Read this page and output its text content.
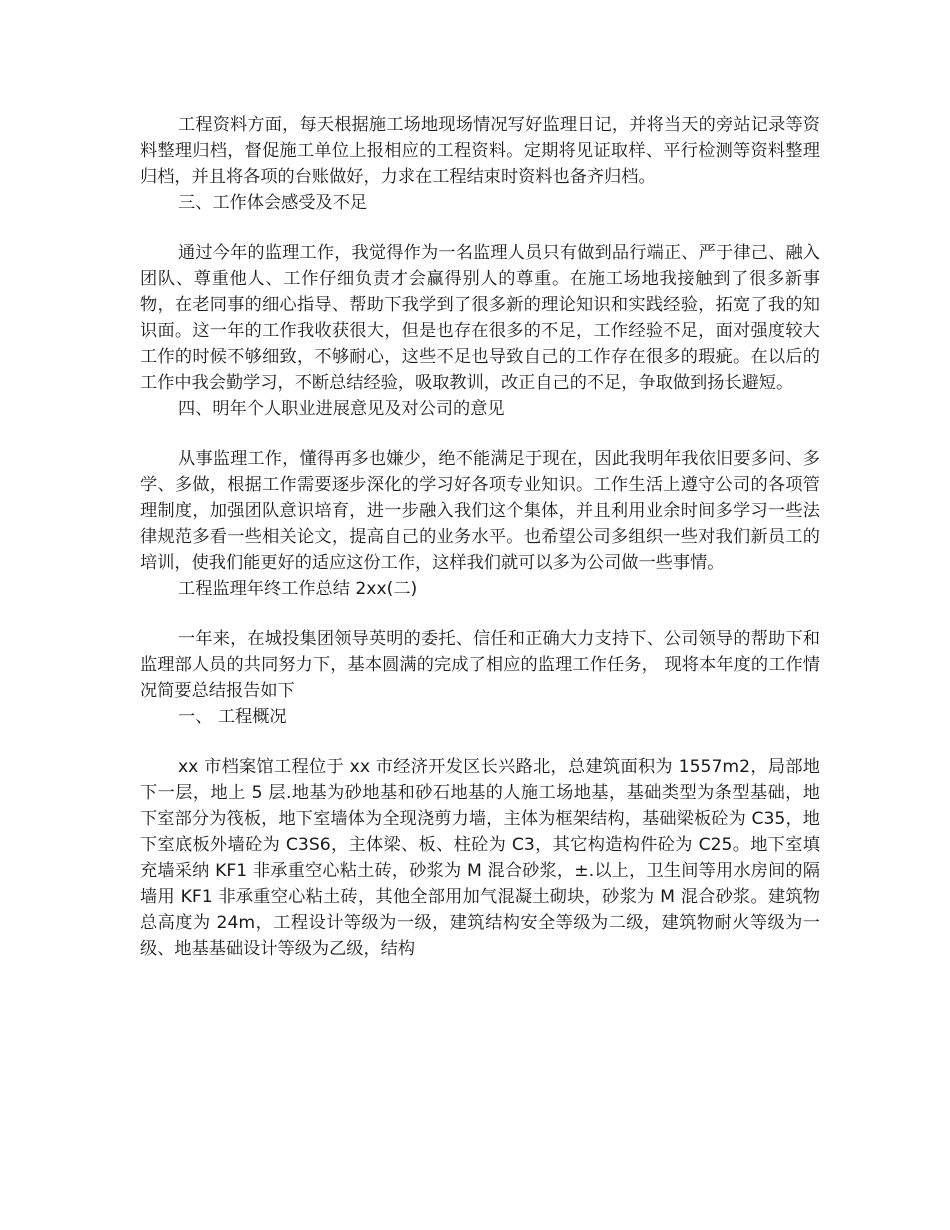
工程资料方面，每天根据施工场地现场情况写好监理日记，并将当天的旁站记录等资料整理归档，督促施工单位上报相应的工程资料。定期将见证取样、平行检测等资料整理归档，并且将各项的台账做好，力求在工程结束时资料也备齐归档。

三、工作体会感受及不足

通过今年的监理工作，我觉得作为一名监理人员只有做到品行端正、严于律己、融入团队、尊重他人、工作仔细负责才会赢得别人的尊重。在施工场地我接触到了很多新事物，在老同事的细心指导、帮助下我学到了很多新的理论知识和实践经验，拓宽了我的知识面。这一年的工作我收获很大，但是也存在很多的不足，工作经验不足，面对强度较大工作的时候不够细致，不够耐心，这些不足也导致自己的工作存在很多的瑕疵。在以后的工作中我会勤学习，不断总结经验，吸取教训，改正自己的不足，争取做到扬长避短。

四、明年个人职业进展意见及对公司的意见

从事监理工作，懂得再多也嫌少，绝不能满足于现在，因此我明年我依旧要多问、多学、多做，根据工作需要逐步深化的学习好各项专业知识。工作生活上遵守公司的各项管理制度，加强团队意识培育，进一步融入我们这个集体，并且利用业余时间多学习一些法律规范多看一些相关论文，提高自己的业务水平。也希望公司多组织一些对我们新员工的培训，使我们能更好的适应这份工作，这样我们就可以多为公司做一些事情。

工程监理年终工作总结 2xx(二)

一年来，在城投集团领导英明的委托、信任和正确大力支持下、公司领导的帮助下和监理部人员的共同努力下，基本圆满的完成了相应的监理工作任务， 现将本年度的工作情况简要总结报告如下

一、 工程概况

xx 市档案馆工程位于 xx 市经济开发区长兴路北，总建筑面积为 1557m2，局部地下一层，地上 5 层.地基为砂地基和砂石地基的人施工场地基，基础类型为条型基础，地下室部分为筏板，地下室墙体为全现浇剪力墙，主体为框架结构，基础梁板砼为 C35，地下室底板外墙砼为 C3S6，主体梁、板、柱砼为 C3，其它构造构件砼为 C25。地下室填充墙采纳 KF1 非承重空心粘土砖，砂浆为 M 混合砂浆，±.以上，卫生间等用水房间的隔墙用 KF1 非承重空心粘土砖，其他全部用加气混凝土砌块，砂浆为 M 混合砂浆。建筑物总高度为 24m，工程设计等级为一级，建筑结构安全等级为二级，建筑物耐火等级为一级、地基基础设计等级为乙级，结构
